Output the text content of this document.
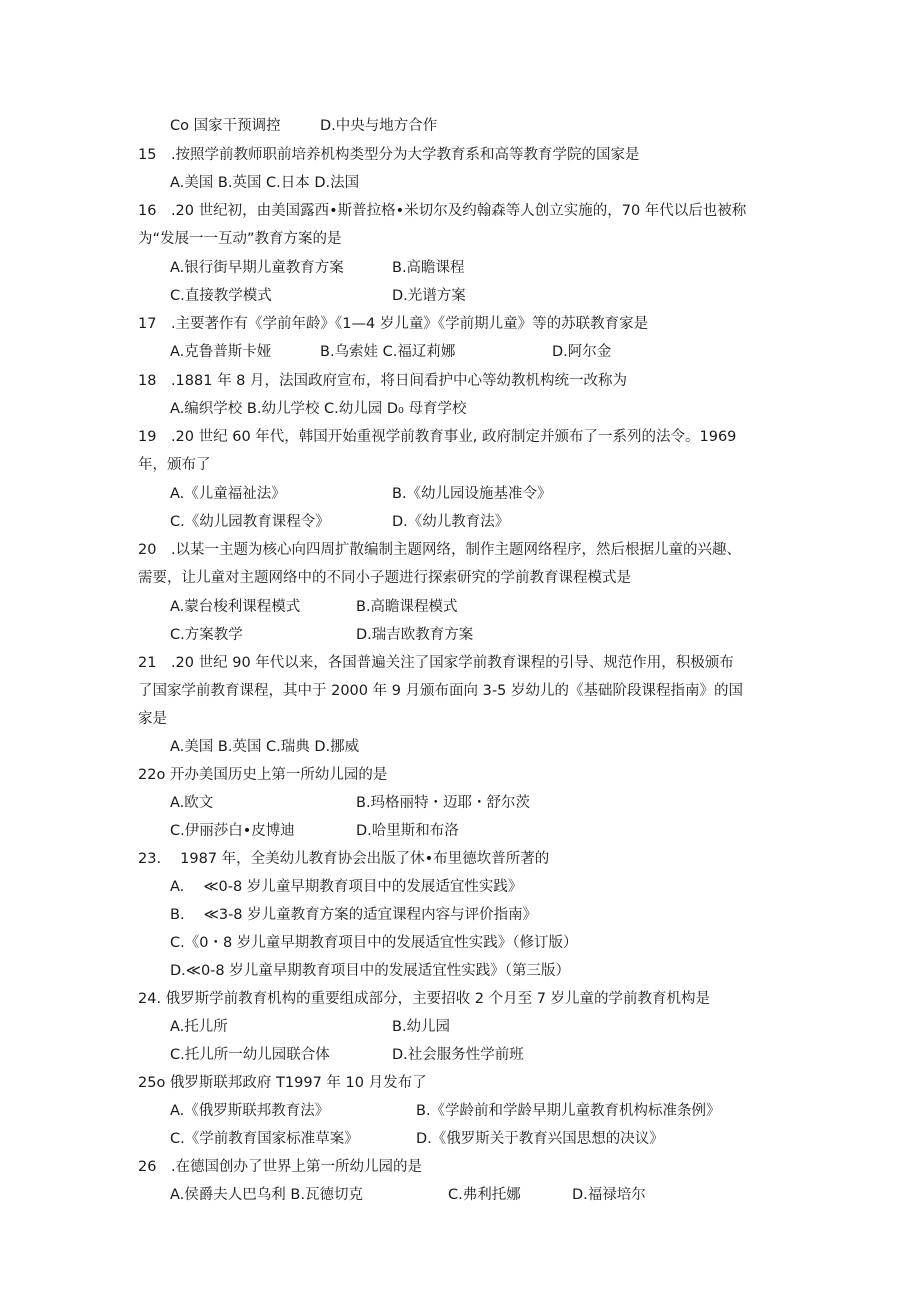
Co 国家干预调控	D.中央与地方合作
15　.按照学前教师职前培养机构类型分为大学教育系和高等教育学院的国家是
A.美国 B.英国 C.日本 D.法国
16　.20 世纪初，由美国露西•斯普拉格•米切尔及约翰森等人创立实施的，70 年代以后也被称
为“发展一一互动”教育方案的是
A.银行街早期儿童教育方案	B.高瞻课程
C.直接教学模式	D.光谱方案
17　.主要著作有《学前年龄》《1—4 岁儿童》《学前期儿童》等的苏联教育家是
A.克鲁普斯卡娅	B.乌索娃 C.福辽莉娜	D.阿尔金
18　.1881 年 8 月，法国政府宣布，将日间看护中心等幼教机构统一改称为
A.编织学校 B.幼儿学校 C.幼儿园 D₀ 母育学校
19　.20 世纪 60 年代，韩国开始重视学前教育事业, 政府制定并颁布了一系列的法令。1969
年，颁布了
A.《儿童福祉法》	B.《幼儿园设施基准令》
C.《幼儿园教育课程令》	D.《幼儿教育法》
20　.以某一主题为核心向四周扩散编制主题网络，制作主题网络程序，然后根据儿童的兴趣、
需要，让儿童对主题网络中的不同小子题进行探索研究的学前教育课程模式是
A.蒙台梭利课程模式	B.高瞻课程模式
C.方案教学	D.瑞吉欧教育方案
21　.20 世纪 90 年代以来，各国普遍关注了国家学前教育课程的引导、规范作用，积极颁布
了国家学前教育课程，其中于 2000 年 9 月颁布面向 3-5 岁幼儿的《基础阶段课程指南》的国
家是
A.美国 B.英国 C.瑞典 D.挪威
22o 开办美国历史上第一所幼儿园的是
A.欧文	B.玛格丽特・迈耶・舒尔茨
C.伊丽莎白•皮博迪	D.哈里斯和布洛
23.　 1987 年，全美幼儿教育协会出版了休•布里德坎普所著的
A.　 ≪0-8 岁儿童早期教育项目中的发展适宜性实践》
B.　 ≪3-8 岁儿童教育方案的适宜课程内容与评价指南》
C.《0・8 岁儿童早期教育项目中的发展适宜性实践》（修订版）
D.≪0-8 岁儿童早期教育项目中的发展适宜性实践》（第三版）
24. 俄罗斯学前教育机构的重要组成部分，主要招收 2 个月至 7 岁儿童的学前教育机构是
A.托儿所	B.幼儿园
C.托儿所一幼儿园联合体	D.社会服务性学前班
25o 俄罗斯联邦政府 T1997 年 10 月发布了
A.《俄罗斯联邦教育法》	B.《学龄前和学龄早期儿童教育机构标准条例》
C.《学前教育国家标准草案》	D.《俄罗斯关于教育兴国思想的决议》
26　.在德国创办了世界上第一所幼儿园的是
A.侯爵夫人巴乌利 B.瓦德切克	C.弗利托娜	D.福禄培尔
